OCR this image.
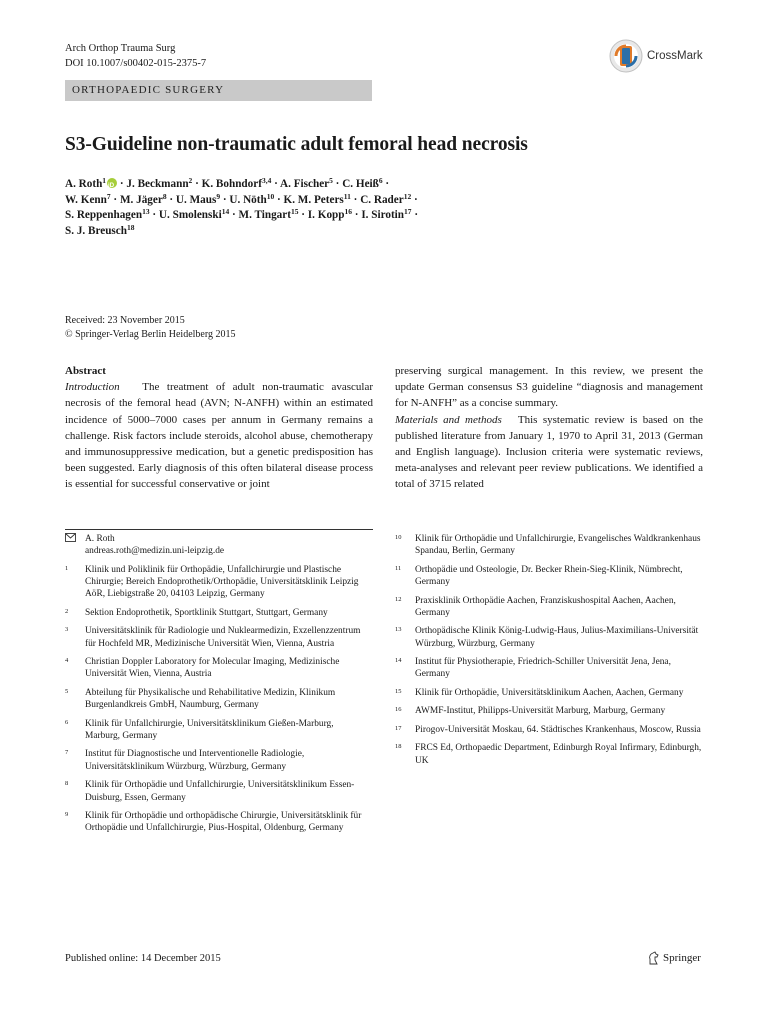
Arch Orthop Trauma Surg
DOI 10.1007/s00402-015-2375-7
CrossMark
ORTHOPAEDIC SURGERY
S3-Guideline non-traumatic adult femoral head necrosis
A. Roth$^1$iD · J. Beckmann$^2$ · K. Bohndorf$^{3,4}$ · A. Fischer$^5$ · C. Heiß$^6$ ·
W. Kenn$^7$ · M. Jäger$^8$ · U. Maus$^9$ · U. Nöth$^{10}$ · K. M. Peters$^{11}$ · C. Rader$^{12}$ ·
S. Reppenhagen$^{13}$ · U. Smolenski$^{14}$ · M. Tingart$^{15}$ · I. Kopp$^{16}$ · I. Sirotin$^{17}$ ·
S. J. Breusch$^{18}$
Received: 23 November 2015
© Springer-Verlag Berlin Heidelberg 2015
Abstract
Introduction The treatment of adult non-traumatic avascular necrosis of the femoral head (AVN; N-ANFH) within an estimated incidence of 5000–7000 cases per annum in Germany remains a challenge. Risk factors include steroids, alcohol abuse, chemotherapy and immunosuppressive medication, but a genetic predisposition has been suggested. Early diagnosis of this often bilateral disease process is essential for successful conservative or joint
preserving surgical management. In this review, we present the update German consensus S3 guideline “diagnosis and management for N-ANFH” as a concise summary.
Materials and methods This systematic review is based on the published literature from January 1, 1970 to April 31, 2013 (German and English language). Inclusion criteria were systematic reviews, meta-analyses and relevant peer review publications. We identified a total of 3715 related
A. Roth
andreas.roth@medizin.uni-leipzig.de
1	Klinik und Poliklinik für Orthopädie, Unfallchirurgie und Plastische Chirurgie; Bereich Endoprothetik/Orthopädie, Universitätsklinik Leipzig AöR, Liebigstraße 20, 04103 Leipzig, Germany
2	Sektion Endoprothetik, Sportklinik Stuttgart, Stuttgart, Germany
3	Universitätsklinik für Radiologie und Nuklearmedizin, Exzellenzzentrum für Hochfeld MR, Medizinische Universität Wien, Vienna, Austria
4	Christian Doppler Laboratory for Molecular Imaging, Medizinische Universität Wien, Vienna, Austria
5	Abteilung für Physikalische und Rehabilitative Medizin, Klinikum Burgenlandkreis GmbH, Naumburg, Germany
6	Klinik für Unfallchirurgie, Universitätsklinikum Gießen-Marburg, Marburg, Germany
7	Institut für Diagnostische und Interventionelle Radiologie, Universitätsklinikum Würzburg, Würzburg, Germany
8	Klinik für Orthopädie und Unfallchirurgie, Universitätsklinikum Essen-Duisburg, Essen, Germany
9	Klinik für Orthopädie und orthopädische Chirurgie, Universitätsklinik für Orthopädie und Unfallchirurgie, Pius-Hospital, Oldenburg, Germany
10	Klinik für Orthopädie und Unfallchirurgie, Evangelisches Waldkrankenhaus Spandau, Berlin, Germany
11	Orthopädie und Osteologie, Dr. Becker Rhein-Sieg-Klinik, Nümbrecht, Germany
12	Praxisklinik Orthopädie Aachen, Franziskushospital Aachen, Aachen, Germany
13	Orthopädische Klinik König-Ludwig-Haus, Julius-Maximilians-Universität Würzburg, Würzburg, Germany
14	Institut für Physiotherapie, Friedrich-Schiller Universität Jena, Jena, Germany
15	Klinik für Orthopädie, Universitätsklinikum Aachen, Aachen, Germany
16	AWMF-Institut, Philipps-Universität Marburg, Marburg, Germany
17	Pirogov-Universität Moskau, 64. Städtisches Krankenhaus, Moscow, Russia
18	FRCS Ed, Orthopaedic Department, Edinburgh Royal Infirmary, Edinburgh, UK
Published online: 14 December 2015	Springer
